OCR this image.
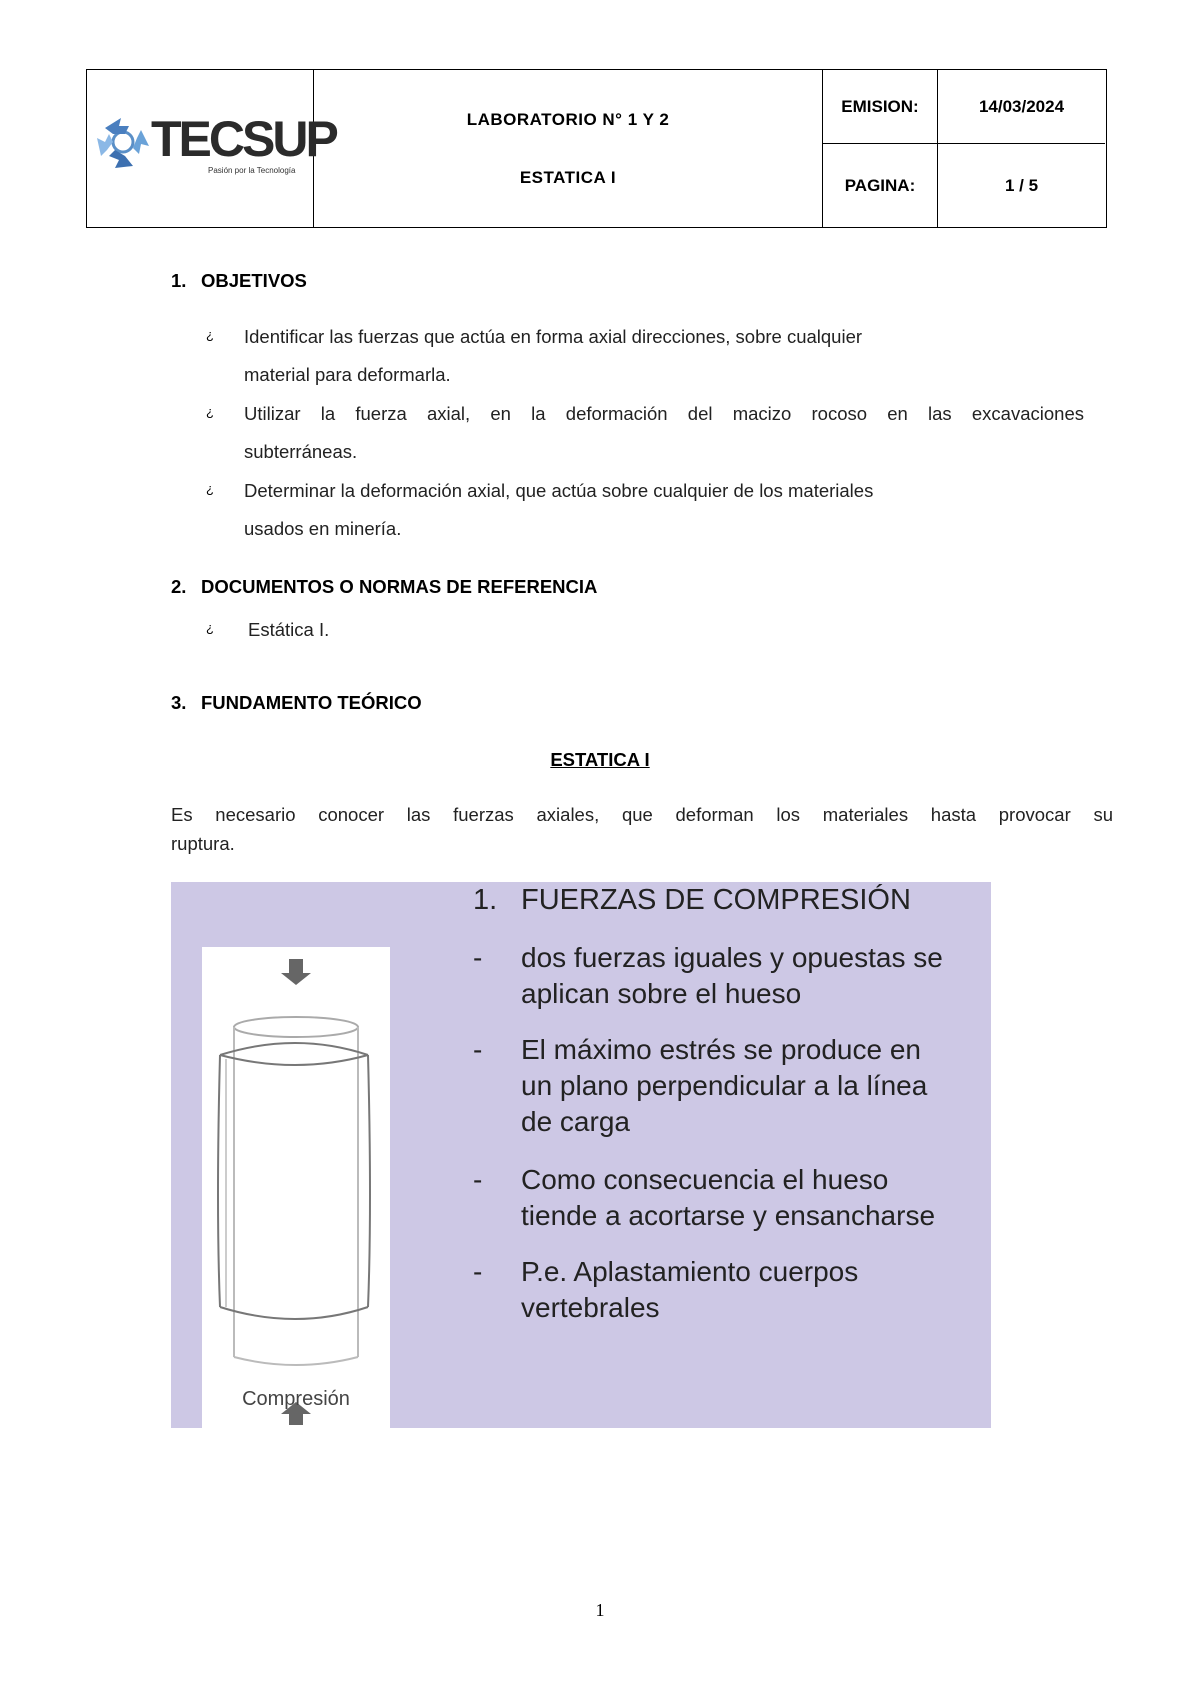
TECSUP
Pasión por la Tecnología
LABORATORIO N° 1 Y 2
ESTATICA I
EMISION:	14/03/2024
PAGINA:	1 / 5
1. OBJETIVOS
¿ Identificar las fuerzas que actúa en forma axial direcciones, sobre cualquier
material para deformarla.
¿ Utilizar la fuerza axial, en la deformación del macizo rocoso en las excavaciones
subterráneas.
¿ Determinar la deformación axial, que actúa sobre cualquier de los materiales
usados en minería.
2. DOCUMENTOS O NORMAS DE REFERENCIA
¿ Estática I.
3. FUNDAMENTO TEÓRICO
ESTATICA I
Es necesario conocer las fuerzas axiales, que deforman los materiales hasta provocar su
ruptura.
Compresión
1. FUERZAS DE COMPRESIÓN
- dos fuerzas iguales y opuestas se
aplican sobre el hueso
- El máximo estrés se produce en
un plano perpendicular a la línea
de carga
- Como consecuencia el hueso
tiende a acortarse y ensancharse
- P.e. Aplastamiento cuerpos
vertebrales
1
